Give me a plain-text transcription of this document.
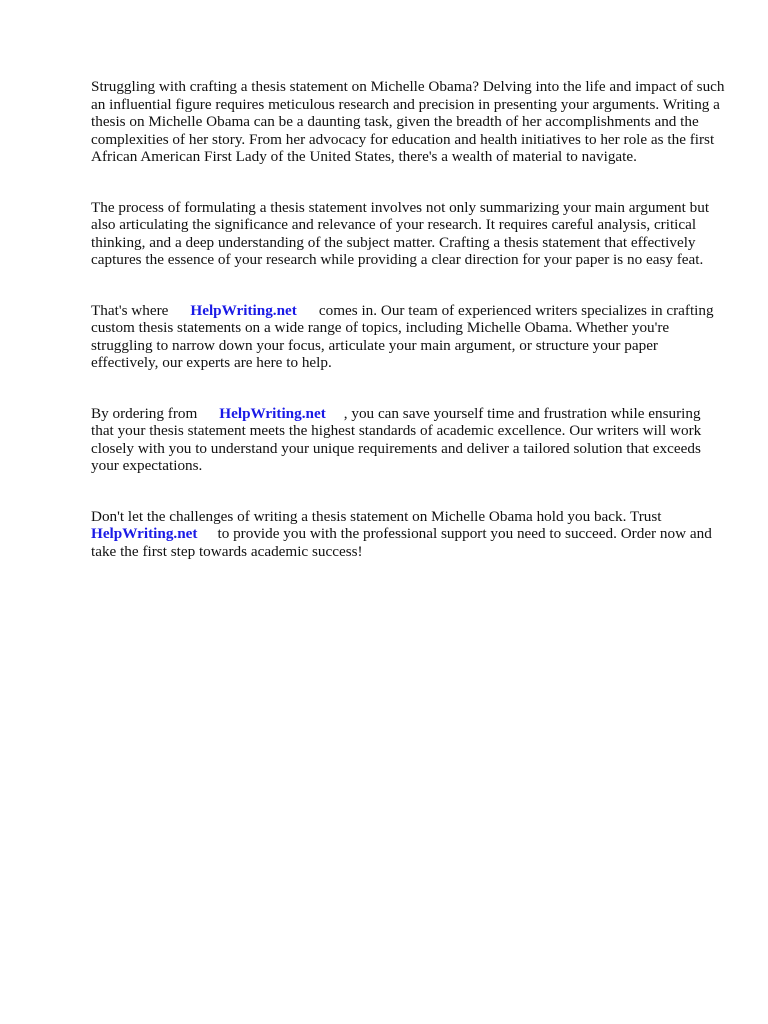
Struggling with crafting a thesis statement on Michelle Obama? Delving into the life and impact of such an influential figure requires meticulous research and precision in presenting your arguments. Writing a thesis on Michelle Obama can be a daunting task, given the breadth of her accomplishments and the complexities of her story. From her advocacy for education and health initiatives to her role as the first African American First Lady of the United States, there's a wealth of material to navigate.

The process of formulating a thesis statement involves not only summarizing your main argument but also articulating the significance and relevance of your research. It requires careful analysis, critical thinking, and a deep understanding of the subject matter. Crafting a thesis statement that effectively captures the essence of your research while providing a clear direction for your paper is no easy feat.

That's where HelpWriting.net comes in. Our team of experienced writers specializes in crafting custom thesis statements on a wide range of topics, including Michelle Obama. Whether you're struggling to narrow down your focus, articulate your main argument, or structure your paper effectively, our experts are here to help.

By ordering from HelpWriting.net , you can save yourself time and frustration while ensuring that your thesis statement meets the highest standards of academic excellence. Our writers will work closely with you to understand your unique requirements and deliver a tailored solution that exceeds your expectations.

Don't let the challenges of writing a thesis statement on Michelle Obama hold you back. Trust
HelpWriting.net to provide you with the professional support you need to succeed. Order now and take the first step towards academic success!
